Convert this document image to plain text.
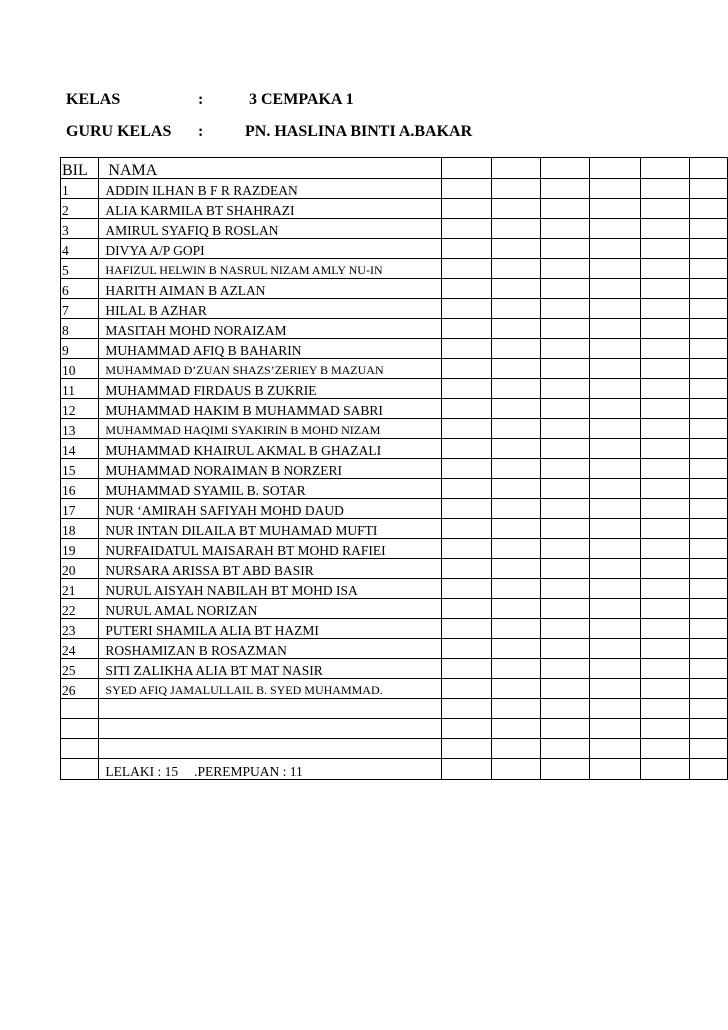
KELAS	:	3 CEMPAKA 1
GURU KELAS :	PN. HASLINA BINTI A.BAKAR
BIL	NAMA						
1	ADDIN ILHAN B F R RAZDEAN						
2	ALIA KARMILA BT SHAHRAZI						
3	AMIRUL SYAFIQ B ROSLAN						
4	DIVYA A/P GOPI						
5	HAFIZUL HELWIN B NASRUL NIZAM AMLY NU-IN						
6	HARITH AIMAN B AZLAN						
7	HILAL B AZHAR						
8	MASITAH MOHD NORAIZAM						
9	MUHAMMAD AFIQ B BAHARIN						
10	MUHAMMAD D’ZUAN SHAZS’ZERIEY B MAZUAN						
11	MUHAMMAD FIRDAUS B ZUKRIE						
12	MUHAMMAD HAKIM B MUHAMMAD SABRI						
13	MUHAMMAD HAQIMI SYAKIRIN B MOHD NIZAM						
14	MUHAMMAD KHAIRUL AKMAL B GHAZALI						
15	MUHAMMAD NORAIMAN B NORZERI						
16	MUHAMMAD SYAMIL B. SOTAR						
17	NUR ‘AMIRAH SAFIYAH MOHD DAUD						
18	NUR INTAN DILAILA BT MUHAMAD MUFTI						
19	NURFAIDATUL MAISARAH BT MOHD RAFIEI						
20	NURSARA ARISSA BT ABD BASIR						
21	NURUL AISYAH NABILAH BT MOHD ISA						
22	NURUL AMAL NORIZAN						
23	PUTERI SHAMILA ALIA BT HAZMI						
24	ROSHAMIZAN B ROSAZMAN						
25	SITI ZALIKHA ALIA BT MAT NASIR						
26	SYED AFIQ JAMALULLAIL B. SYED MUHAMMAD.						

	LELAKI : 15 .PEREMPUAN : 11						
